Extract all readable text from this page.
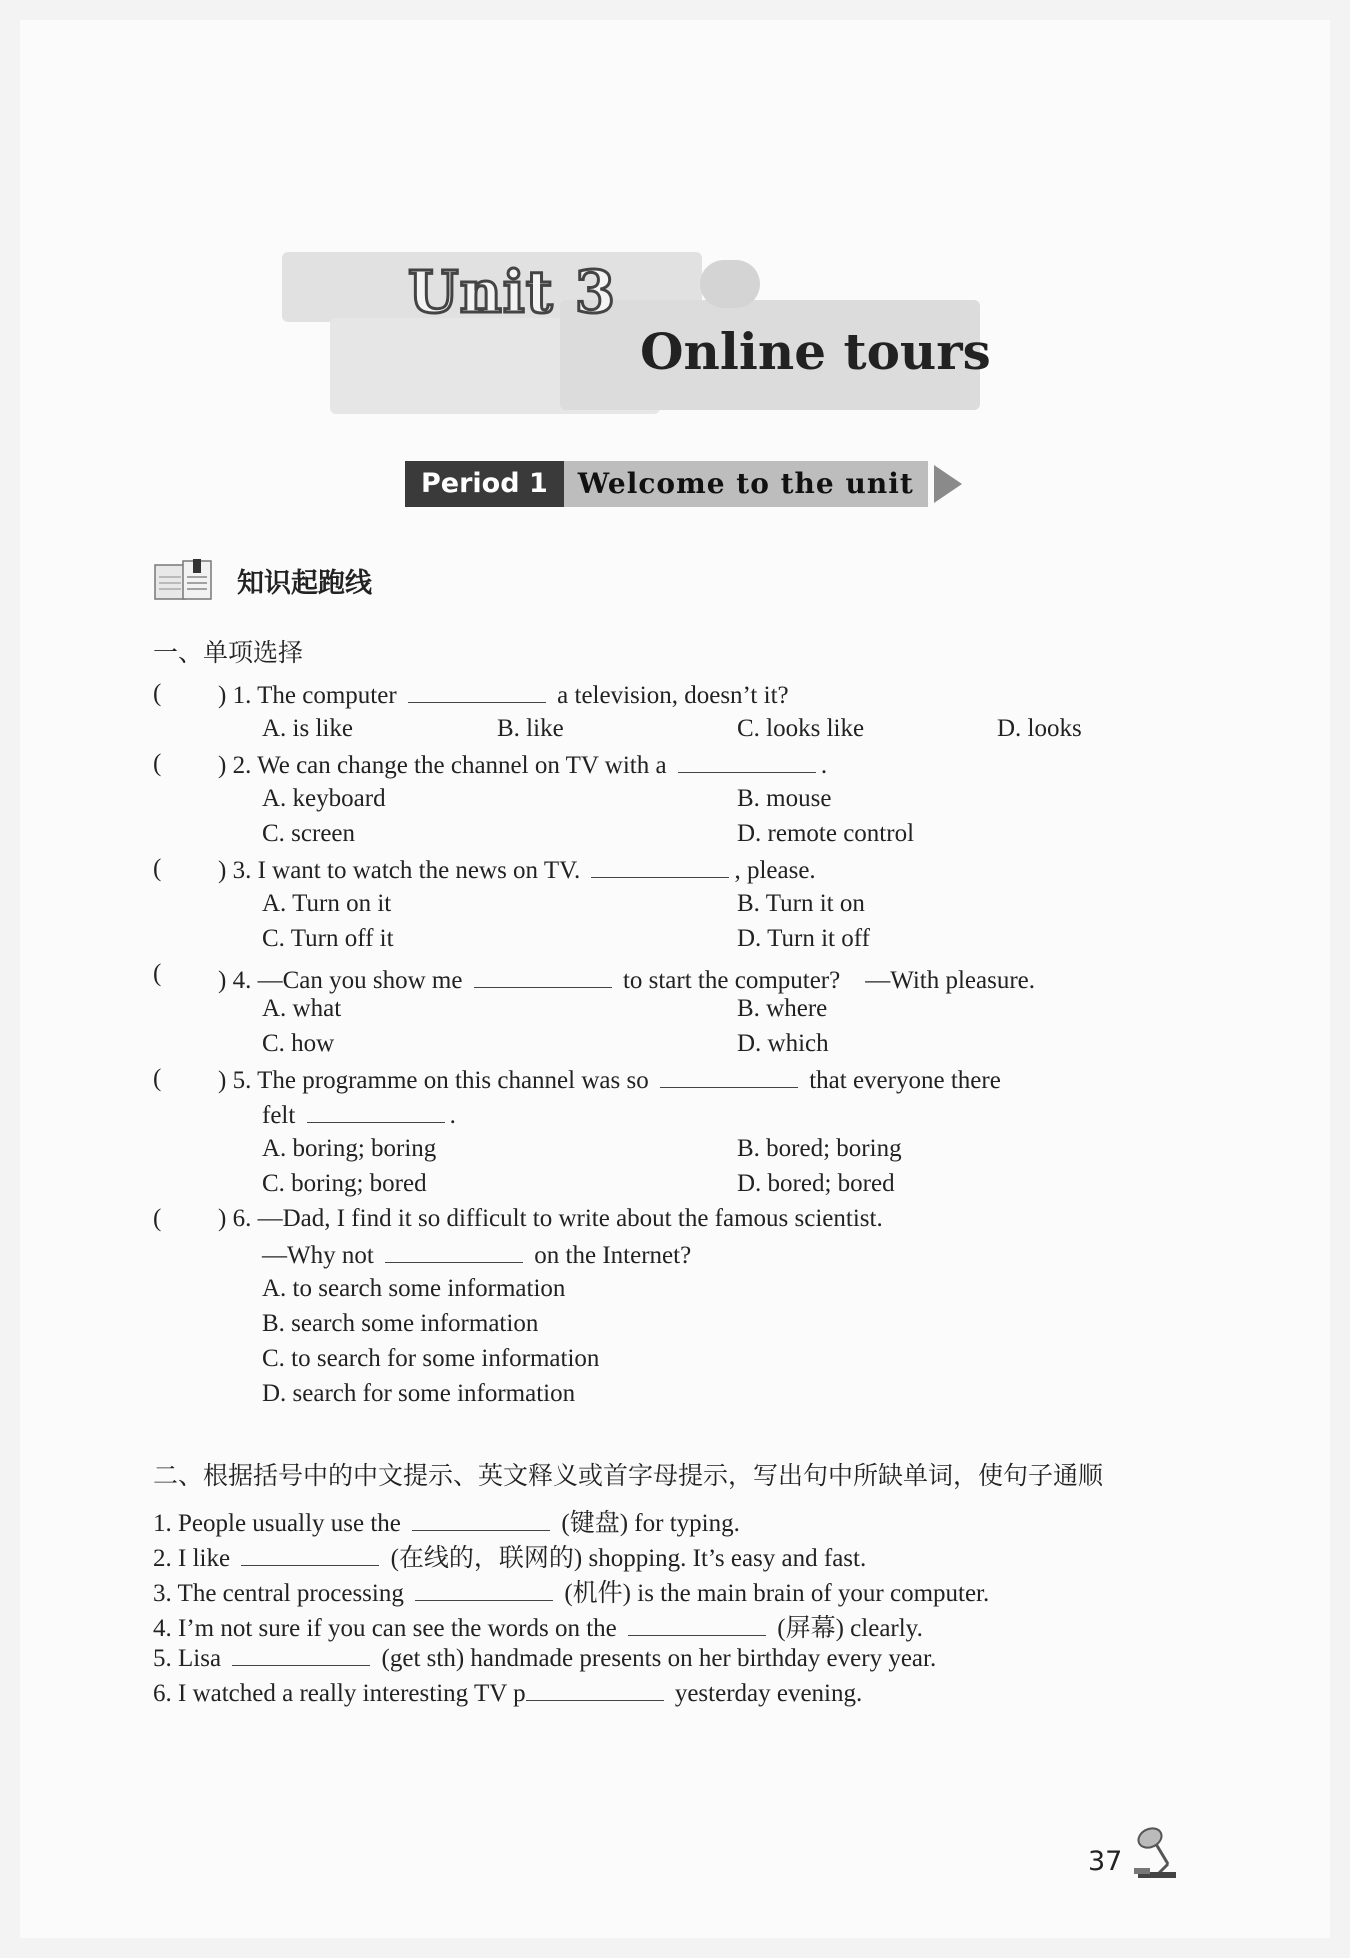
Unit 3
Online tours
Period 1	Welcome to the unit
知识起跑线
一、单项选择
( ) 1. The computer	a television, doesn’t it?
A. is like	B. like	C. looks like	D. looks
( ) 2. We can change the channel on TV with a	.
A. keyboard	B. mouse
C. screen	D. remote control
( ) 3. I want to watch the news on TV.	, please.
A. Turn on it	B. Turn it on
C. Turn off it	D. Turn it off
( ) 4. —Can you show me	to start the computer?　—With pleasure.
A. what	B. where
C. how	D. which
( ) 5. The programme on this channel was so	that everyone there
felt	.
A. boring; boring	B. bored; boring
C. boring; bored	D. bored; bored
( ) 6. —Dad, I find it so difficult to write about the famous scientist.
—Why not	on the Internet?
A. to search some information
B. search some information
C. to search for some information
D. search for some information
二、根据括号中的中文提示、英文释义或首字母提示，写出句中所缺单词，使句子通顺
1. People usually use the	(键盘) for typing.
2. I like	(在线的，联网的) shopping. It’s easy and fast.
3. The central processing	(机件) is the main brain of your computer.
4. I’m not sure if you can see the words on the	(屏幕) clearly.
5. Lisa	(get sth) handmade presents on her birthday every year.
6. I watched a really interesting TV p	yesterday evening.
37
